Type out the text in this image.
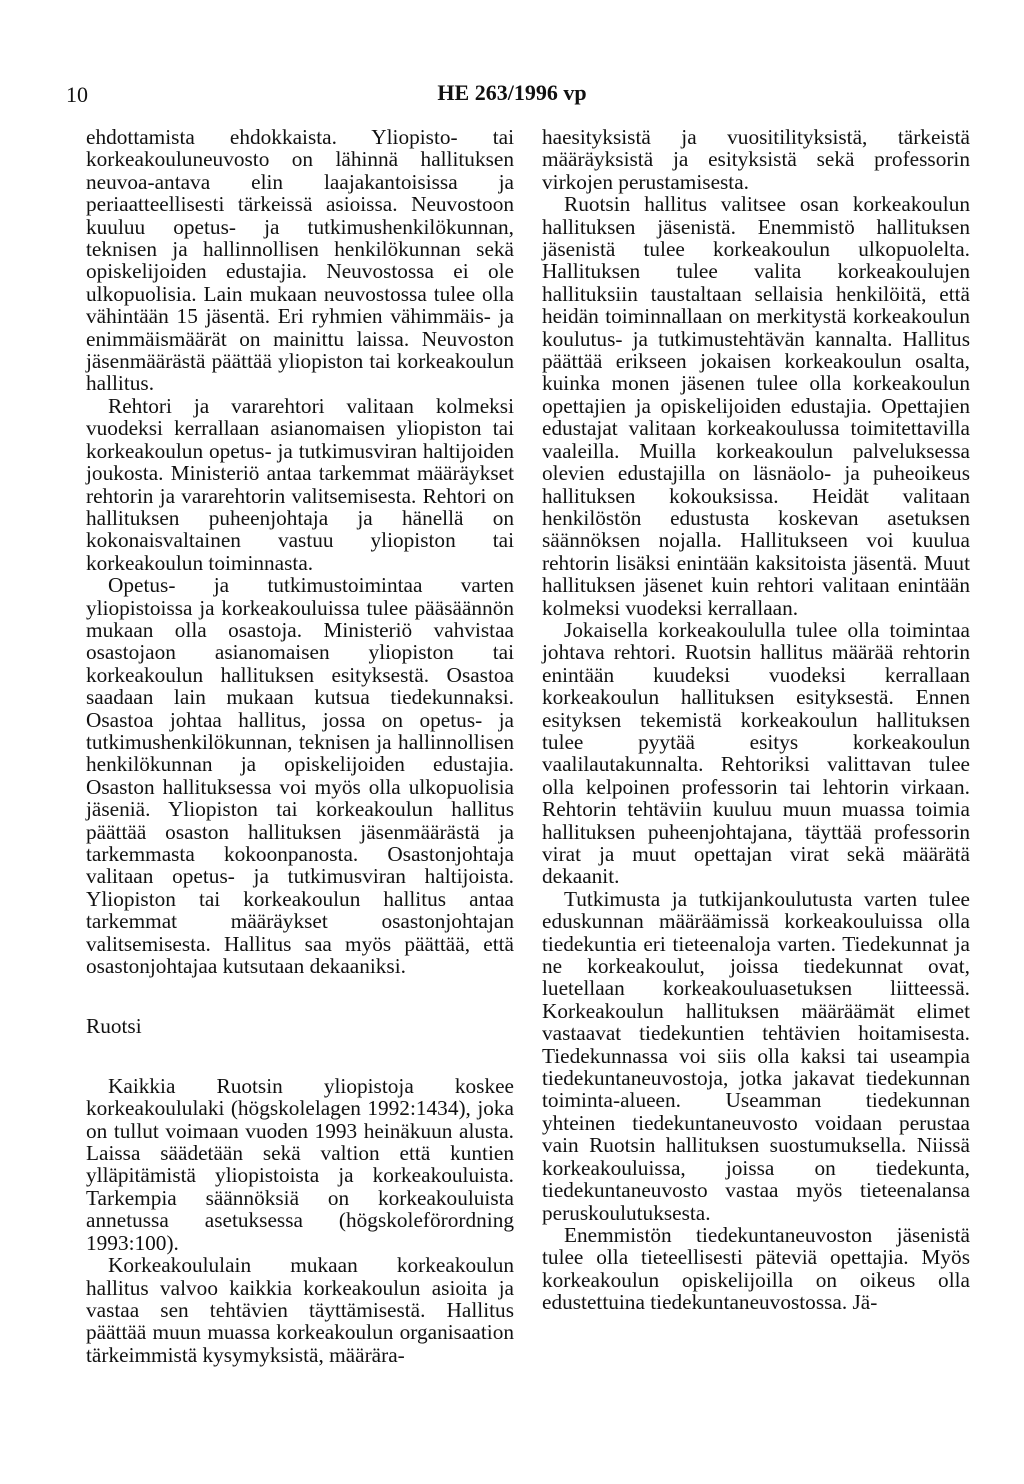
10	HE 263/1996 vp

ehdottamista ehdokkaista. Yliopisto- tai korkeakouluneuvosto on lähinnä hallituksen neuvoa-antava elin laajakantoisissa ja periaatteellisesti tärkeissä asioissa. Neuvostoon kuuluu opetus- ja tutkimushenkilökunnan, teknisen ja hallinnollisen henkilökunnan sekä opiskelijoiden edustajia. Neuvostossa ei ole ulkopuolisia. Lain mukaan neuvostossa tulee olla vähintään 15 jäsentä. Eri ryhmien vähimmäis- ja enimmäismäärät on mainittu laissa. Neuvoston jäsenmäärästä päättää yliopiston tai korkeakoulun hallitus.

Rehtori ja vararehtori valitaan kolmeksi vuodeksi kerrallaan asianomaisen yliopiston tai korkeakoulun opetus- ja tutkimusviran haltijoiden joukosta. Ministeriö antaa tarkemmat määräykset rehtorin ja vararehtorin valitsemisesta. Rehtori on hallituksen puheenjohtaja ja hänellä on kokonaisvaltainen vastuu yliopiston tai korkeakoulun toiminnasta.

Opetus- ja tutkimustoimintaa varten yliopistoissa ja korkeakouluissa tulee pääsäännön mukaan olla osastoja. Ministeriö vahvistaa osastojaon asianomaisen yliopiston tai korkeakoulun hallituksen esityksestä. Osastoa saadaan lain mukaan kutsua tiedekunnaksi. Osastoa johtaa hallitus, jossa on opetus- ja tutkimushenkilökunnan, teknisen ja hallinnollisen henkilökunnan ja opiskelijoiden edustajia. Osaston hallituksessa voi myös olla ulkopuolisia jäseniä. Yliopiston tai korkeakoulun hallitus päättää osaston hallituksen jäsenmäärästä ja tarkemmasta kokoonpanosta. Osastonjohtaja valitaan opetus- ja tutkimusviran haltijoista. Yliopiston tai korkeakoulun hallitus antaa tarkemmat määräykset osastonjohtajan valitsemisesta. Hallitus saa myös päättää, että osastonjohtajaa kutsutaan dekaaniksi.

Ruotsi

Kaikkia Ruotsin yliopistoja koskee korkeakoululaki (högskolelagen 1992:1434), joka on tullut voimaan vuoden 1993 heinäkuun alusta. Laissa säädetään sekä valtion että kuntien ylläpitämistä yliopistoista ja korkeakouluista. Tarkempia säännöksiä on korkeakouluista annetussa asetuksessa (högskoleförordning 1993:100).

Korkeakoululain mukaan korkeakoulun hallitus valvoo kaikkia korkeakoulun asioita ja vastaa sen tehtävien täyttämisestä. Hallitus päättää muun muassa korkeakoulun organisaation tärkeimmistä kysymyksistä, määrära-

haesityksistä ja vuositilityksistä, tärkeistä määräyksistä ja esityksistä sekä professorin virkojen perustamisesta.

Ruotsin hallitus valitsee osan korkeakoulun hallituksen jäsenistä. Enemmistö hallituksen jäsenistä tulee korkeakoulun ulkopuolelta. Hallituksen tulee valita korkeakoulujen hallituksiin taustaltaan sellaisia henkilöitä, että heidän toiminnallaan on merkitystä korkeakoulun koulutus- ja tutkimustehtävän kannalta. Hallitus päättää erikseen jokaisen korkeakoulun osalta, kuinka monen jäsenen tulee olla korkeakoulun opettajien ja opiskelijoiden edustajia. Opettajien edustajat valitaan korkeakoulussa toimitettavilla vaaleilla. Muilla korkeakoulun palveluksessa olevien edustajilla on läsnäolo- ja puheoikeus hallituksen kokouksissa. Heidät valitaan henkilöstön edustusta koskevan asetuksen säännöksen nojalla. Hallitukseen voi kuulua rehtorin lisäksi enintään kaksitoista jäsentä. Muut hallituksen jäsenet kuin rehtori valitaan enintään kolmeksi vuodeksi kerrallaan.

Jokaisella korkeakoululla tulee olla toimintaa johtava rehtori. Ruotsin hallitus määrää rehtorin enintään kuudeksi vuodeksi kerrallaan korkeakoulun hallituksen esityksestä. Ennen esityksen tekemistä korkeakoulun hallituksen tulee pyytää esitys korkeakoulun vaalilautakunnalta. Rehtoriksi valittavan tulee olla kelpoinen professorin tai lehtorin virkaan. Rehtorin tehtäviin kuuluu muun muassa toimia hallituksen puheenjohtajana, täyttää professorin virat ja muut opettajan virat sekä määrätä dekaanit.

Tutkimusta ja tutkijankoulutusta varten tulee eduskunnan määräämissä korkeakouluissa olla tiedekuntia eri tieteenaloja varten. Tiedekunnat ja ne korkeakoulut, joissa tiedekunnat ovat, luetellaan korkeakouluasetuksen liitteessä. Korkeakoulun hallituksen määräämät elimet vastaavat tiedekuntien tehtävien hoitamisesta. Tiedekunnassa voi siis olla kaksi tai useampia tiedekuntaneuvostoja, jotka jakavat tiedekunnan toiminta-alueen. Useamman tiedekunnan yhteinen tiedekuntaneuvosto voidaan perustaa vain Ruotsin hallituksen suostumuksella. Niissä korkeakouluissa, joissa on tiedekunta, tiedekuntaneuvosto vastaa myös tieteenalansa peruskoulutuksesta.

Enemmistön tiedekuntaneuvoston jäsenistä tulee olla tieteellisesti päteviä opettajia. Myös korkeakoulun opiskelijoilla on oikeus olla edustettuina tiedekuntaneuvostossa. Jä-
